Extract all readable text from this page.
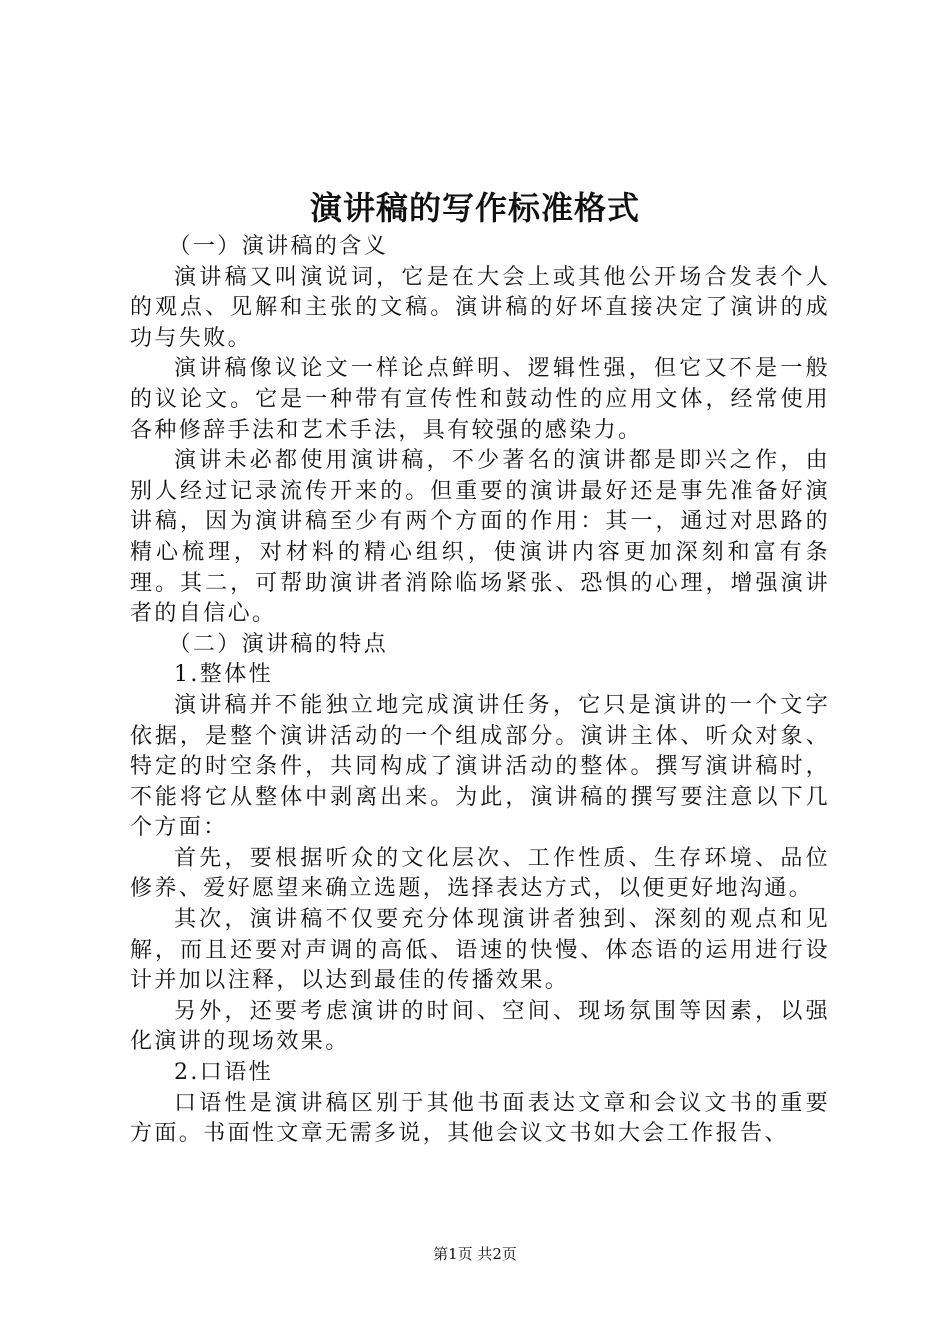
演讲稿的写作标准格式

（一）演讲稿的含义

演讲稿又叫演说词，它是在大会上或其他公开场合发表个人的观点、见解和主张的文稿。演讲稿的好坏直接决定了演讲的成功与失败。

演讲稿像议论文一样论点鲜明、逻辑性强，但它又不是一般的议论文。它是一种带有宣传性和鼓动性的应用文体，经常使用各种修辞手法和艺术手法，具有较强的感染力。

演讲未必都使用演讲稿，不少著名的演讲都是即兴之作，由别人经过记录流传开来的。但重要的演讲最好还是事先准备好演讲稿，因为演讲稿至少有两个方面的作用：其一，通过对思路的精心梳理，对材料的精心组织，使演讲内容更加深刻和富有条理。其二，可帮助演讲者消除临场紧张、恐惧的心理，增强演讲者的自信心。

（二）演讲稿的特点

1.整体性

演讲稿并不能独立地完成演讲任务，它只是演讲的一个文字依据，是整个演讲活动的一个组成部分。演讲主体、听众对象、特定的时空条件，共同构成了演讲活动的整体。撰写演讲稿时，不能将它从整体中剥离出来。为此，演讲稿的撰写要注意以下几个方面：

首先，要根据听众的文化层次、工作性质、生存环境、品位修养、爱好愿望来确立选题，选择表达方式，以便更好地沟通。

其次，演讲稿不仅要充分体现演讲者独到、深刻的观点和见解，而且还要对声调的高低、语速的快慢、体态语的运用进行设计并加以注释，以达到最佳的传播效果。

另外，还要考虑演讲的时间、空间、现场氛围等因素，以强化演讲的现场效果。

2.口语性

口语性是演讲稿区别于其他书面表达文章和会议文书的重要方面。书面性文章无需多说，其他会议文书如大会工作报告、

第1页 共2页
